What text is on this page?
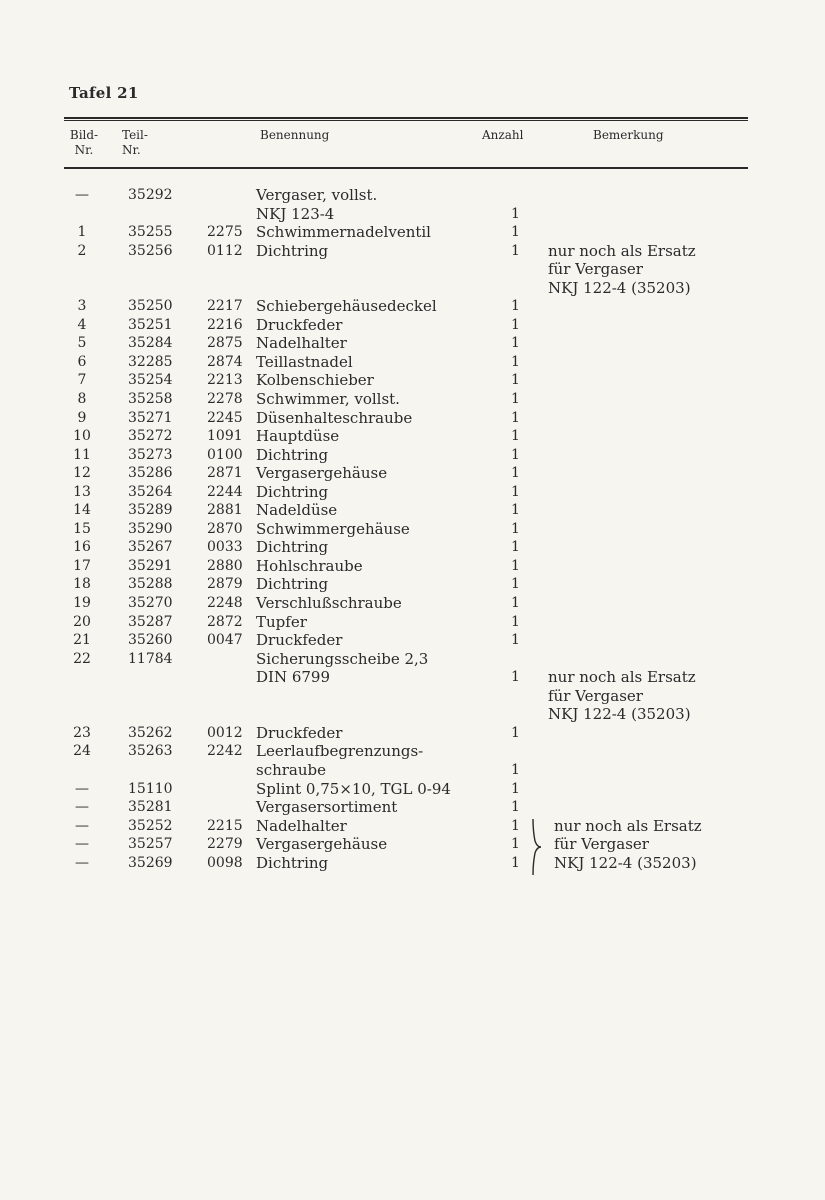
Tafel 21
Bild-
Nr.
Teil-
Nr.
Benennung	Anzahl	Bemerkung
—	35292	Vergaser, vollst.
NKJ 123-4	1
1	35255 2275 Schwimmernadelventil	1
2	35256 0112 Dichtring	1 nur noch als Ersatz
für Vergaser
NKJ 122-4 (35203)
3	35250 2217 Schiebergehäusedeckel	1
4	35251 2216 Druckfeder	1
5	35284 2875 Nadelhalter	1
6	32285 2874 Teillastnadel	1
7	35254 2213 Kolbenschieber	1
8	35258 2278 Schwimmer, vollst.	1
9	35271 2245 Düsenhalteschraube	1
10	35272 1091 Hauptdüse	1
11	35273 0100 Dichtring	1
12	35286 2871 Vergasergehäuse	1
13	35264 2244 Dichtring	1
14	35289 2881 Nadeldüse	1
15	35290 2870 Schwimmergehäuse	1
16	35267 0033 Dichtring	1
17	35291 2880 Hohlschraube	1
18	35288 2879 Dichtring	1
19	35270 2248 Verschlußschraube	1
20	35287 2872 Tupfer	1
21	35260 0047 Druckfeder	1
22	11784	Sicherungsscheibe 2,3
DIN 6799	1 nur noch als Ersatz
für Vergaser
NKJ 122-4 (35203)
23	35262 0012 Druckfeder	1
24	35263 2242 Leerlaufbegrenzungs-
schraube	1
—	15110	Splint 0,75×10, TGL 0-94	1
—	35281	Vergasersortiment	1
—	35252 2215 Nadelhalter	1 nur noch als Ersatz
—	35257 2279 Vergasergehäuse	1 für Vergaser
—	35269 0098 Dichtring	1 NKJ 122-4 (35203)
